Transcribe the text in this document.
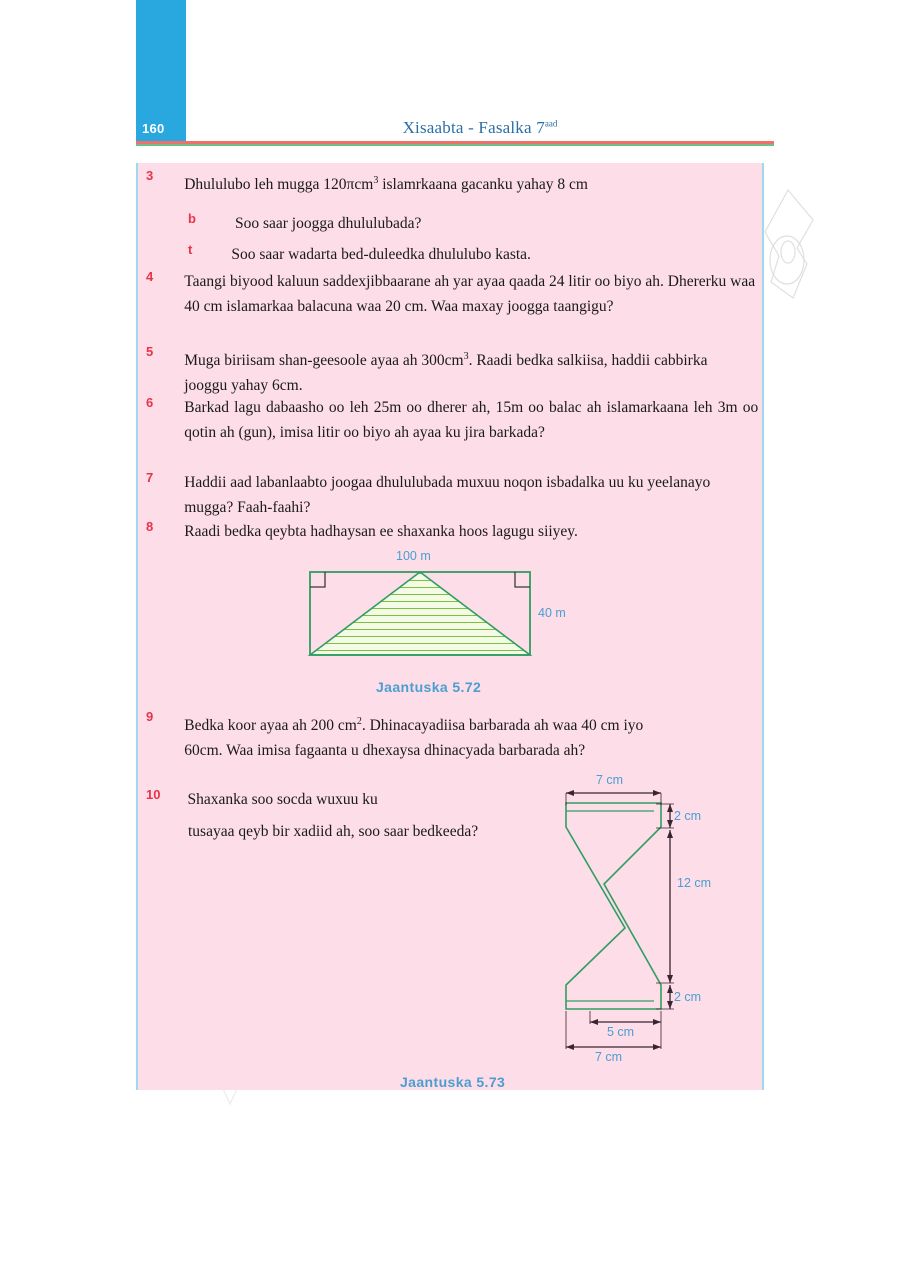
160	Xisaabta - Fasalka $7^{aad}$
3
Dhululubo leh mugga 120πcm$^3$ islamrkaana gacanku yahay 8 cm
b	Soo saar joogga dhululubada?
t	Soo saar wadarta bed-duleedka dhululubo kasta.
4 Taangi biyood kaluun saddexjibbaarane ah yar ayaa qaada 24 litir oo biyo ah. Dhererku waa 40 cm islamarkaa balacuna waa 20 cm. Waa maxay joogga taangigu?
5
Muga biriisam shan-geesoole ayaa ah $300cm^3$. Raadi bedka salkiisa, haddii cabbirka jooggu yahay 6cm.
6 Barkad lagu dabaasho oo leh 25m oo dherer ah, 15m oo balac ah islamarkaana leh 3m oo qotin ah (gun), imisa litir oo biyo ah ayaa ku jira barkada?
7 Haddii aad labanlaabto joogaa dhululubada muxuu noqon isbadalka uu ku yeelanayo mugga? Faah-faahi?
8 Raadi bedka qeybta hadhaysan ee shaxanka hoos lagugu siiyey.
100 m
40 m
Jaantuska 5.72
9
Bedka koor ayaa ah 200 $cm^2$. Dhinacayadiisa barbarada ah waa 40 cm iyo 60cm. Waa imisa fagaanta u dhexaysa dhinacyada barbarada ah?
10 Shaxanka soo socda wuxuu ku
tusayaa qeyb bir xadiid ah, soo saar bedkeeda?
7 cm
2 cm
12 cm
2 cm
5 cm
7 cm
Jaantuska 5.73
